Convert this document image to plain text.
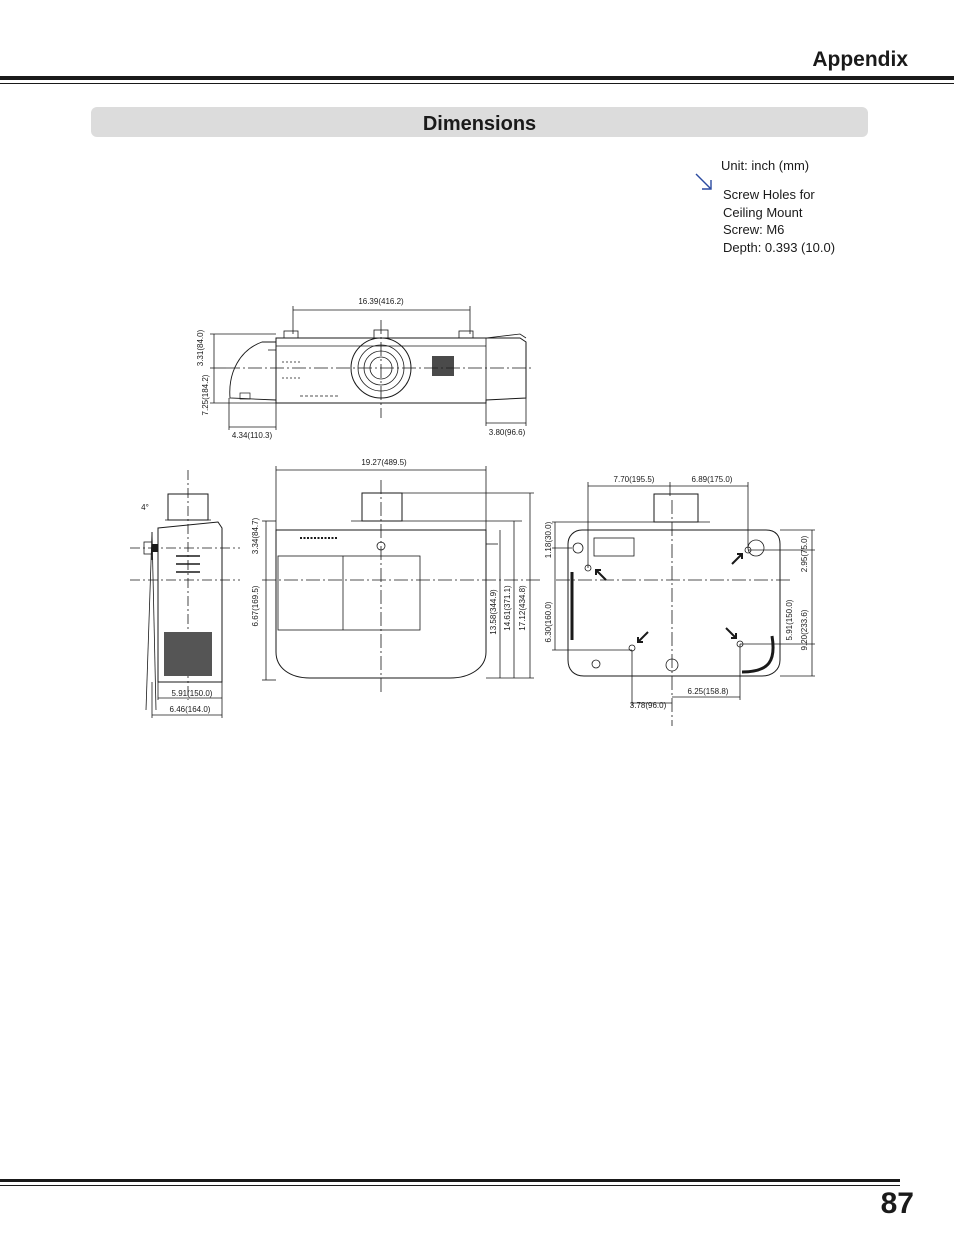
Appendix
Dimensions
Unit: inch (mm)
Screw Holes for
Ceiling Mount
Screw: M6
Depth: 0.393 (10.0)
16.39(416.2)
3.31(84.0)
7.25(184.2)
4.34(110.3)	3.80(96.6)
4°
5.91(150.0)
6.46(164.0)
19.27(489.5)
3.34(84.7)
6.67(169.5)	13.58(344.9) 14.61(371.1) 17.12(434.8)
7.70(195.5)	6.89(175.0)
1.18(30.0)
6.30(160.0)
2.95(75.0)
5.91(150.0) 9.20(233.6)
6.25(158.8)
3.78(96.0)
87
